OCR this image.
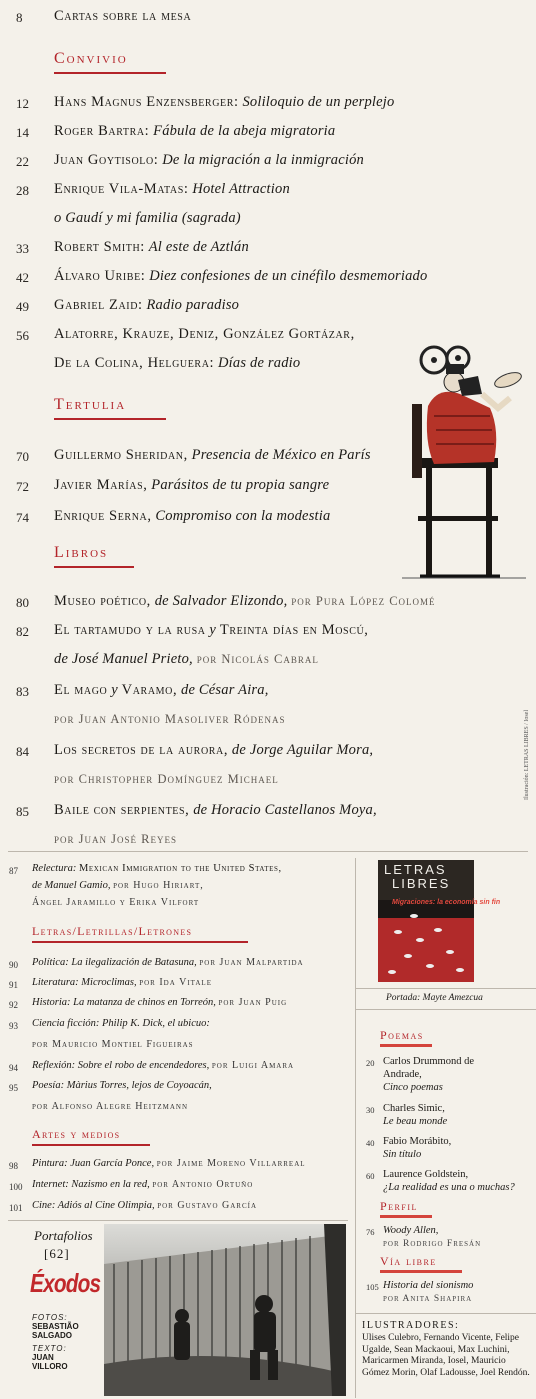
8 Cartas sobre la mesa
Convivio
12 Hans Magnus Enzensberger: Soliloquio de un perplejo
14 Roger Bartra: Fábula de la abeja migratoria
22 Juan Goytisolo: De la migración a la inmigración
28 Enrique Vila-Matas: Hotel Attraction
o Gaudí y mi familia (sagrada)
33 Robert Smith: Al este de Aztlán
42 Álvaro Uribe: Diez confesiones de un cinéfilo desmemoriado
49 Gabriel Zaid: Radio paradiso
56 Alatorre, Krauze, Deniz, González Gortázar,
De la Colina, Helguera: Días de radio
Tertulia
70 Guillermo Sheridan, Presencia de México en París
72 Javier Marías, Parásitos de tu propia sangre
74 Enrique Serna, Compromiso con la modestia
Libros
80 Museo poético, de Salvador Elizondo, por Pura López Colomé
82 El tartamudo y la rusa y Treinta días en Moscú,
de José Manuel Prieto, por Nicolás Cabral
83 El mago y Varamo, de César Aira,
por Juan Antonio Masoliver Ródenas
84 Los secretos de la aurora, de Jorge Aguilar Mora,
por Christopher Domínguez Michael
85 Baile con serpientes, de Horacio Castellanos Moya,
por Juan José Reyes
Ilustración: LETRAS LIBRES / Iosel
87 Relectura: Mexican Immigration to the United States,
de Manuel Gamio, por Hugo Hiriart,
Ángel Jaramillo y Erika Vilfort
Letras/Letrillas/Letrones
90 Política: La ilegalización de Batasuna, por Juan Malpartida
91 Literatura: Microclimas, por Ida Vitale
92 Historia: La matanza de chinos en Torreón, por Juan Puig
93 Ciencia ficción: Philip K. Dick, el ubicuo:
por Mauricio Montiel Figueiras
94 Reflexión: Sobre el robo de encendedores, por Luigi Amara
95 Poesía: Màrius Torres, lejos de Coyoacán,
por Alfonso Alegre Heitzmann
Artes y medios
98 Pintura: Juan García Ponce, por Jaime Moreno Villarreal
100 Internet: Nazismo en la red, por Antonio Ortuño
101 Cine: Adiós al Cine Olimpia, por Gustavo García
Portafolios
[62]
Éxodos
FOTOS:
SEBASTIÃO
SALGADO
TEXTO:
JUAN
VILLORO
LETRAS
LIBRES
Migraciones: la economía sin fin
Portada: Mayte Amezcua
Poemas
20 Carlos Drummond de Andrade,
Cinco poemas
30 Charles Simic,
Le beau monde
40 Fabio Morábito,
Sin título
60 Laurence Goldstein,
¿La realidad es una o muchas?
Perfil
76 Woody Allen,
por Rodrigo Fresán
Vía libre
105 Historia del sionismo
por Anita Shapira
ILUSTRADORES:
Ulises Culebro, Fernando Vicente, Felipe Ugalde, Sean Mackaoui, Max Luchini, Maricarmen Miranda, Iosel, Mauricio Gómez Morin, Olaf Ladousse, Joel Rendón.
